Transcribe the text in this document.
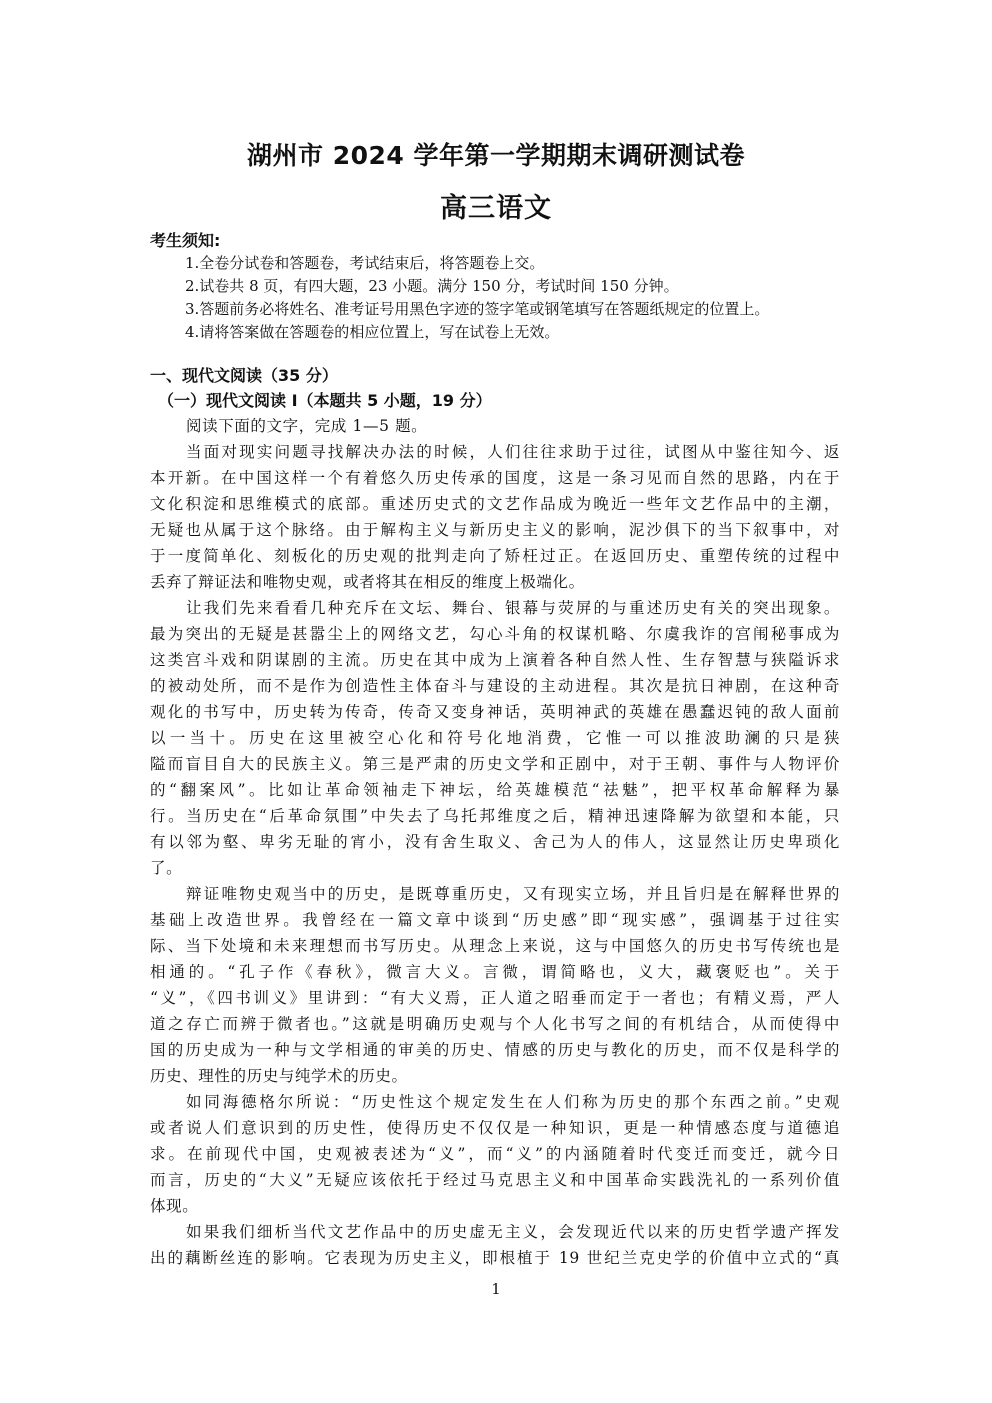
湖州市 2024 学年第一学期期末调研测试卷
高三语文
考生须知:
1.全卷分试卷和答题卷，考试结束后，将答题卷上交。
2.试卷共 8 页，有四大题，23 小题。满分 150 分，考试时间 150 分钟。
3.答题前务必将姓名、准考证号用黑色字迹的签字笔或钢笔填写在答题纸规定的位置上。
4.请将答案做在答题卷的相应位置上，写在试卷上无效。
一、现代文阅读（35 分）
（一）现代文阅读 I（本题共 5 小题，19 分）
阅读下面的文字，完成 1—5 题。
当面对现实问题寻找解决办法的时候，人们往往求助于过往，试图从中鉴往知今、返
本开新。在中国这样一个有着悠久历史传承的国度，这是一条习见而自然的思路，内在于
文化积淀和思维模式的底部。重述历史式的文艺作品成为晚近一些年文艺作品中的主潮，
无疑也从属于这个脉络。由于解构主义与新历史主义的影响，泥沙俱下的当下叙事中，对
于一度简单化、刻板化的历史观的批判走向了矫枉过正。在返回历史、重塑传统的过程中
丢弃了辩证法和唯物史观，或者将其在相反的维度上极端化。
让我们先来看看几种充斥在文坛、舞台、银幕与荧屏的与重述历史有关的突出现象。
最为突出的无疑是甚嚣尘上的网络文艺，勾心斗角的权谋机略、尔虞我诈的宫闱秘事成为
这类宫斗戏和阴谋剧的主流。历史在其中成为上演着各种自然人性、生存智慧与狭隘诉求
的被动处所，而不是作为创造性主体奋斗与建设的主动进程。其次是抗日神剧，在这种奇
观化的书写中，历史转为传奇，传奇又变身神话，英明神武的英雄在愚蠢迟钝的敌人面前
以一当十。历史在这里被空心化和符号化地消费，它惟一可以推波助澜的只是狭
隘而盲目自大的民族主义。第三是严肃的历史文学和正剧中，对于王朝、事件与人物评价
的“翻案风”。比如让革命领袖走下神坛，给英雄模范“祛魅”，把平权革命解释为暴
行。当历史在“后革命氛围”中失去了乌托邦维度之后，精神迅速降解为欲望和本能，只
有以邻为壑、卑劣无耻的宵小，没有舍生取义、舍己为人的伟人，这显然让历史卑琐化
了。
辩证唯物史观当中的历史，是既尊重历史，又有现实立场，并且旨归是在解释世界的
基础上改造世界。我曾经在一篇文章中谈到“历史感”即“现实感”，强调基于过往实
际、当下处境和未来理想而书写历史。从理念上来说，这与中国悠久的历史书写传统也是
相通的。“孔子作《春秋》，微言大义。言微，谓简略也，义大，藏褒贬也”。关于
“义”，《四书训义》里讲到：“有大义焉，正人道之昭垂而定于一者也；有精义焉，严人
道之存亡而辨于微者也。”这就是明确历史观与个人化书写之间的有机结合，从而使得中
国的历史成为一种与文学相通的审美的历史、情感的历史与教化的历史，而不仅是科学的
历史、理性的历史与纯学术的历史。
如同海德格尔所说：“历史性这个规定发生在人们称为历史的那个东西之前。”史观
或者说人们意识到的历史性，使得历史不仅仅是一种知识，更是一种情感态度与道德追
求。在前现代中国，史观被表述为“义”，而“义”的内涵随着时代变迁而变迁，就今日
而言，历史的“大义”无疑应该依托于经过马克思主义和中国革命实践洗礼的一系列价值
体现。
如果我们细析当代文艺作品中的历史虚无主义，会发现近代以来的历史哲学遗产挥发
出的藕断丝连的影响。它表现为历史主义，即根植于 19 世纪兰克史学的价值中立式的“真
1
